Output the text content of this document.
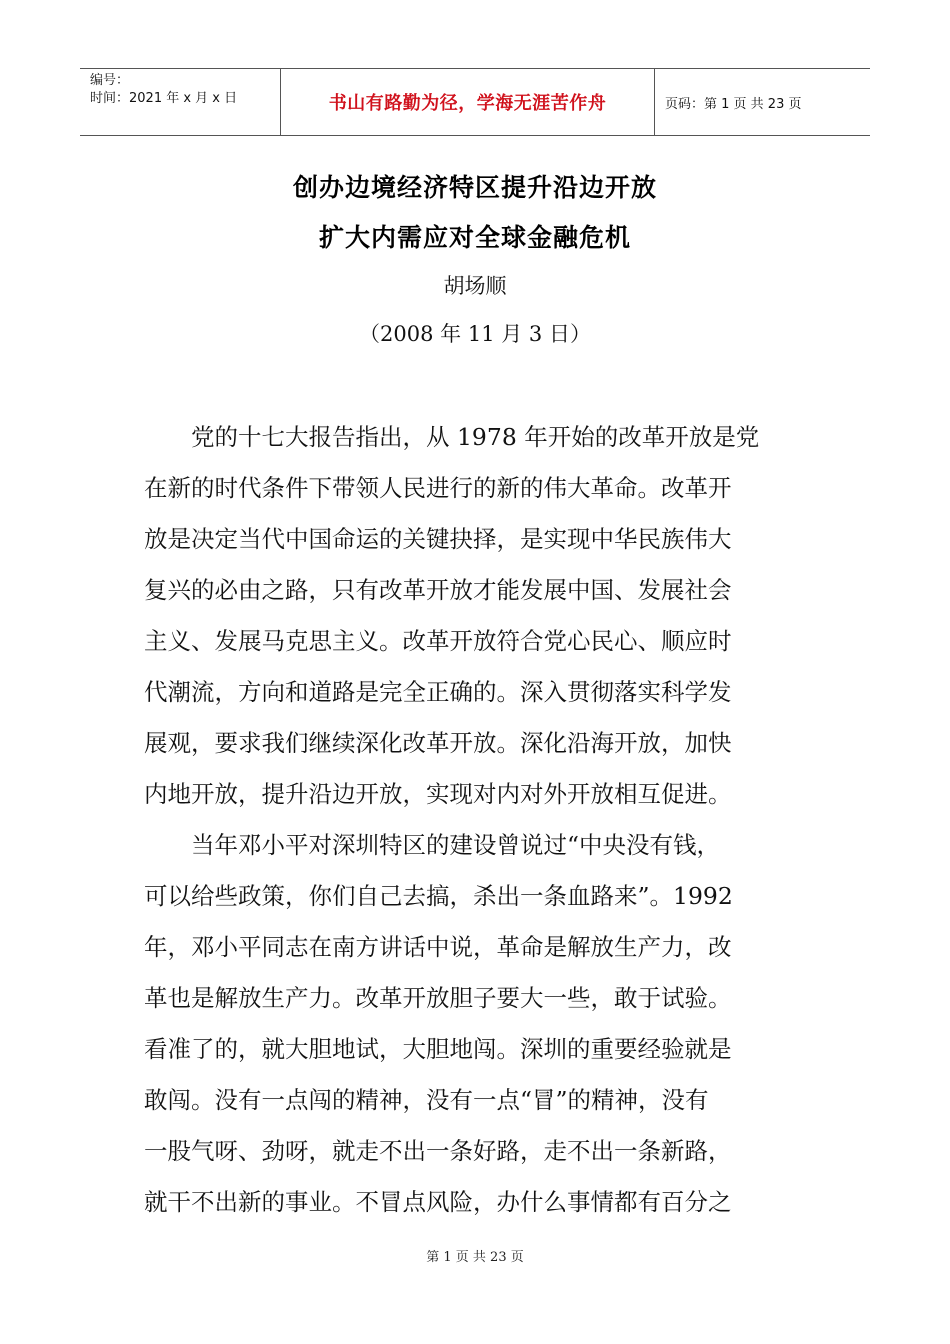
编号：
时间：2021 年 x 月 x 日	书山有路勤为径，学海无涯苦作舟	页码：第 1 页 共 23 页
创办边境经济特区提升沿边开放
扩大内需应对全球金融危机
胡场顺
（2008 年 11 月 3 日）
　　党的十七大报告指出，从 1978 年开始的改革开放是党
在新的时代条件下带领人民进行的新的伟大革命。改革开
放是决定当代中国命运的关键抉择，是实现中华民族伟大
复兴的必由之路，只有改革开放才能发展中国、发展社会
主义、发展马克思主义。改革开放符合党心民心、顺应时
代潮流，方向和道路是完全正确的。深入贯彻落实科学发
展观，要求我们继续深化改革开放。深化沿海开放，加快
内地开放，提升沿边开放，实现对内对外开放相互促进。
　　当年邓小平对深圳特区的建设曾说过“中央没有钱，
可以给些政策，你们自己去搞，杀出一条血路来”。1992
年，邓小平同志在南方讲话中说，革命是解放生产力，改
革也是解放生产力。改革开放胆子要大一些，敢于试验。
看准了的，就大胆地试，大胆地闯。深圳的重要经验就是
敢闯。没有一点闯的精神，没有一点“冒”的精神，没有
一股气呀、劲呀，就走不出一条好路，走不出一条新路，
就干不出新的事业。不冒点风险，办什么事情都有百分之
第 1 页 共 23 页
